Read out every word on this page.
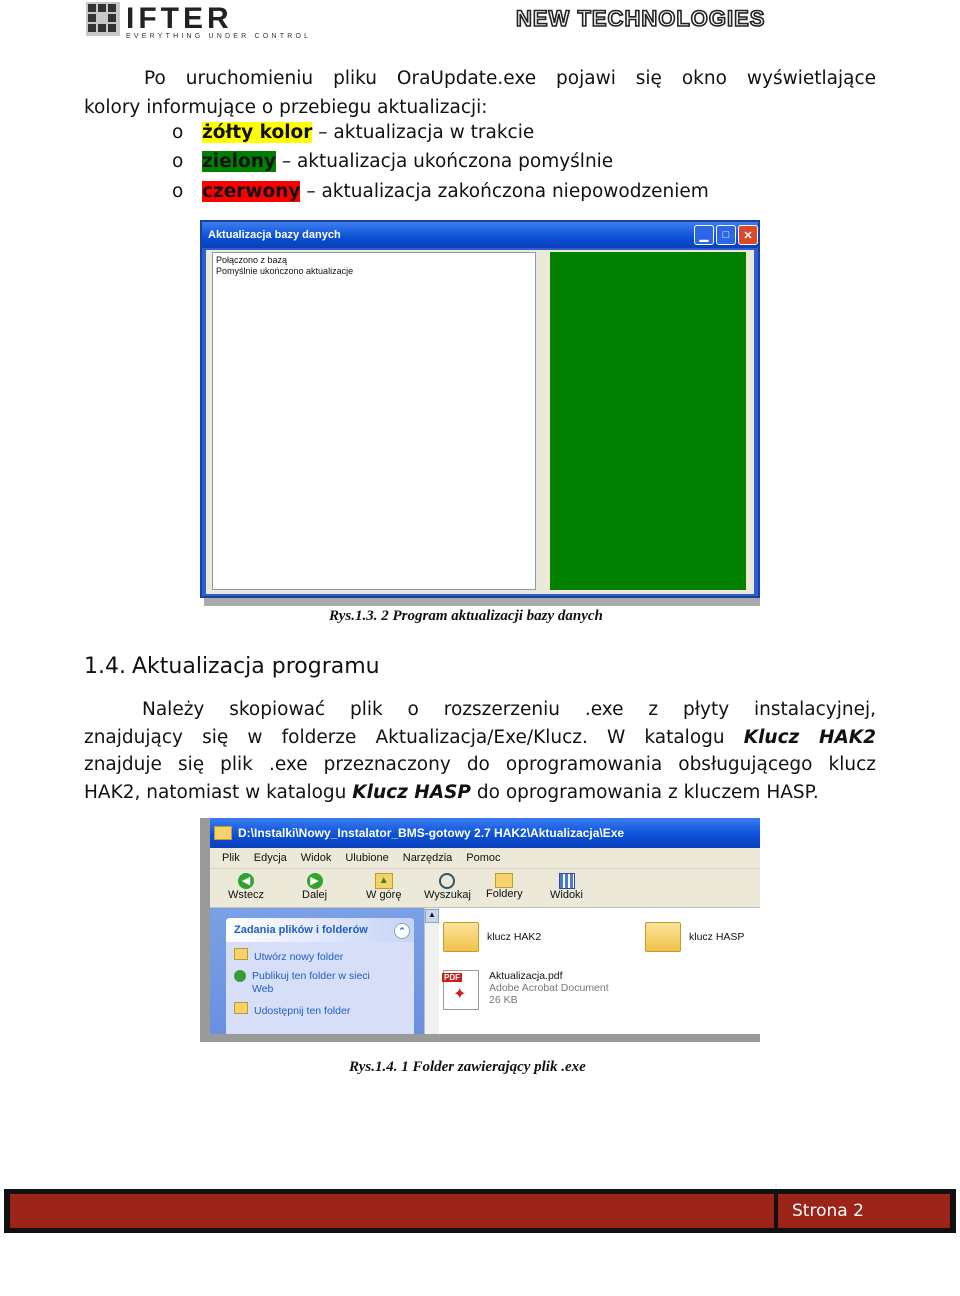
IFTER
EVERYTHING UNDER CONTROL
NEW TECHNOLOGIES
Po uruchomieniu pliku OraUpdate.exe pojawi się okno wyświetlające
kolory informujące o przebiegu aktualizacji:
o żółty kolor – aktualizacja w trakcie
o zielony – aktualizacja ukończona pomyślnie
o czerwony – aktualizacja zakończona niepowodzeniem
Aktualizacja bazy danych	▁	□	✕
Połączono z bazą
Pomyślnie ukończono aktualizacje
Rys.1.3. 2 Program aktualizacji bazy danych
1.4. Aktualizacja programu
Należy skopiować plik o rozszerzeniu .exe z płyty instalacyjnej,
znajdujący się w folderze Aktualizacja/Exe/Klucz. W katalogu Klucz HAK2
znajduje się plik .exe przeznaczony do oprogramowania obsługującego klucz
HAK2, natomiast w katalogu Klucz HASP do oprogramowania z kluczem HASP.
D:\Instalki\Nowy_Instalator_BMS-gotowy 2.7 HAK2\Aktualizacja\Exe
Plik Edycja Widok Ulubione Narzędzia Pomoc
◀
Wstecz
▶
Dalej
▲
W górę Wyszukaj Foldery Widoki
Zadania plików i folderów	⌃
Utwórz nowy folder
Publikuj ten folder w sieci
Web
Udostępnij ten folder
▲
klucz HAK2	klucz HASP
PDF
✦
Aktualizacja.pdf
Adobe Acrobat Document
26 KB
Rys.1.4. 1 Folder zawierający plik .exe

I n P r o   B M S   P r o f e s s i o n a l   4 . 1

Strona 2
